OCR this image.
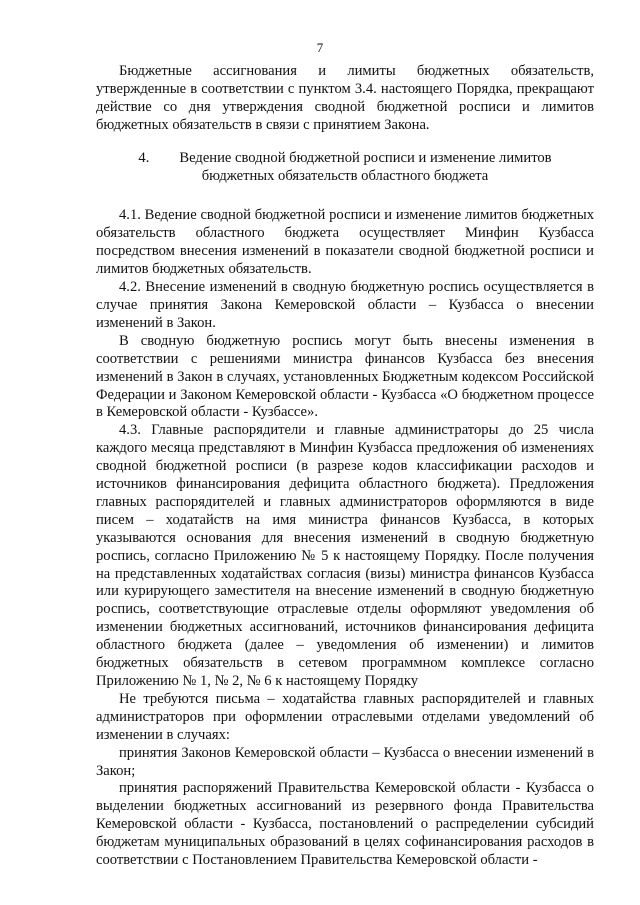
7

Бюджетные ассигнования и лимиты бюджетных обязательств, утвержденные в соответствии с пунктом 3.4. настоящего Порядка, прекращают действие со дня утверждения сводной бюджетной росписи и лимитов бюджетных обязательств в связи с принятием Закона.

4. Ведение сводной бюджетной росписи и изменение лимитов
бюджетных обязательств областного бюджета

4.1. Ведение сводной бюджетной росписи и изменение лимитов бюджетных обязательств областного бюджета осуществляет Минфин Кузбасса посредством внесения изменений в показатели сводной бюджетной росписи и лимитов бюджетных обязательств.

4.2. Внесение изменений в сводную бюджетную роспись осуществляется в случае принятия Закона Кемеровской области – Кузбасса о внесении изменений в Закон.

В сводную бюджетную роспись могут быть внесены изменения в соответствии с решениями министра финансов Кузбасса без внесения изменений в Закон в случаях, установленных Бюджетным кодексом Российской Федерации и Законом Кемеровской области - Кузбасса «О бюджетном процессе в Кемеровской области - Кузбассе».

4.3. Главные распорядители и главные администраторы до 25 числа каждого месяца представляют в Минфин Кузбасса предложения об изменениях сводной бюджетной росписи (в разрезе кодов классификации расходов и источников финансирования дефицита областного бюджета). Предложения главных распорядителей и главных администраторов оформляются в виде писем – ходатайств на имя министра финансов Кузбасса, в которых указываются основания для внесения изменений в сводную бюджетную роспись, согласно Приложению № 5 к настоящему Порядку. После получения на представленных ходатайствах согласия (визы) министра финансов Кузбасса или курирующего заместителя на внесение изменений в сводную бюджетную роспись, соответствующие отраслевые отделы оформляют уведомления об изменении бюджетных ассигнований, источников финансирования дефицита областного бюджета (далее – уведомления об изменении) и лимитов бюджетных обязательств в сетевом программном комплексе согласно Приложению № 1, № 2, № 6 к настоящему Порядку

Не требуются письма – ходатайства главных распорядителей и главных администраторов при оформлении отраслевыми отделами уведомлений об изменении в случаях:

принятия Законов Кемеровской области – Кузбасса о внесении изменений в Закон;

принятия распоряжений Правительства Кемеровской области - Кузбасса о выделении бюджетных ассигнований из резервного фонда Правительства Кемеровской области - Кузбасса, постановлений о распределении субсидий бюджетам муниципальных образований в целях софинансирования расходов в соответствии с Постановлением Правительства Кемеровской области -
